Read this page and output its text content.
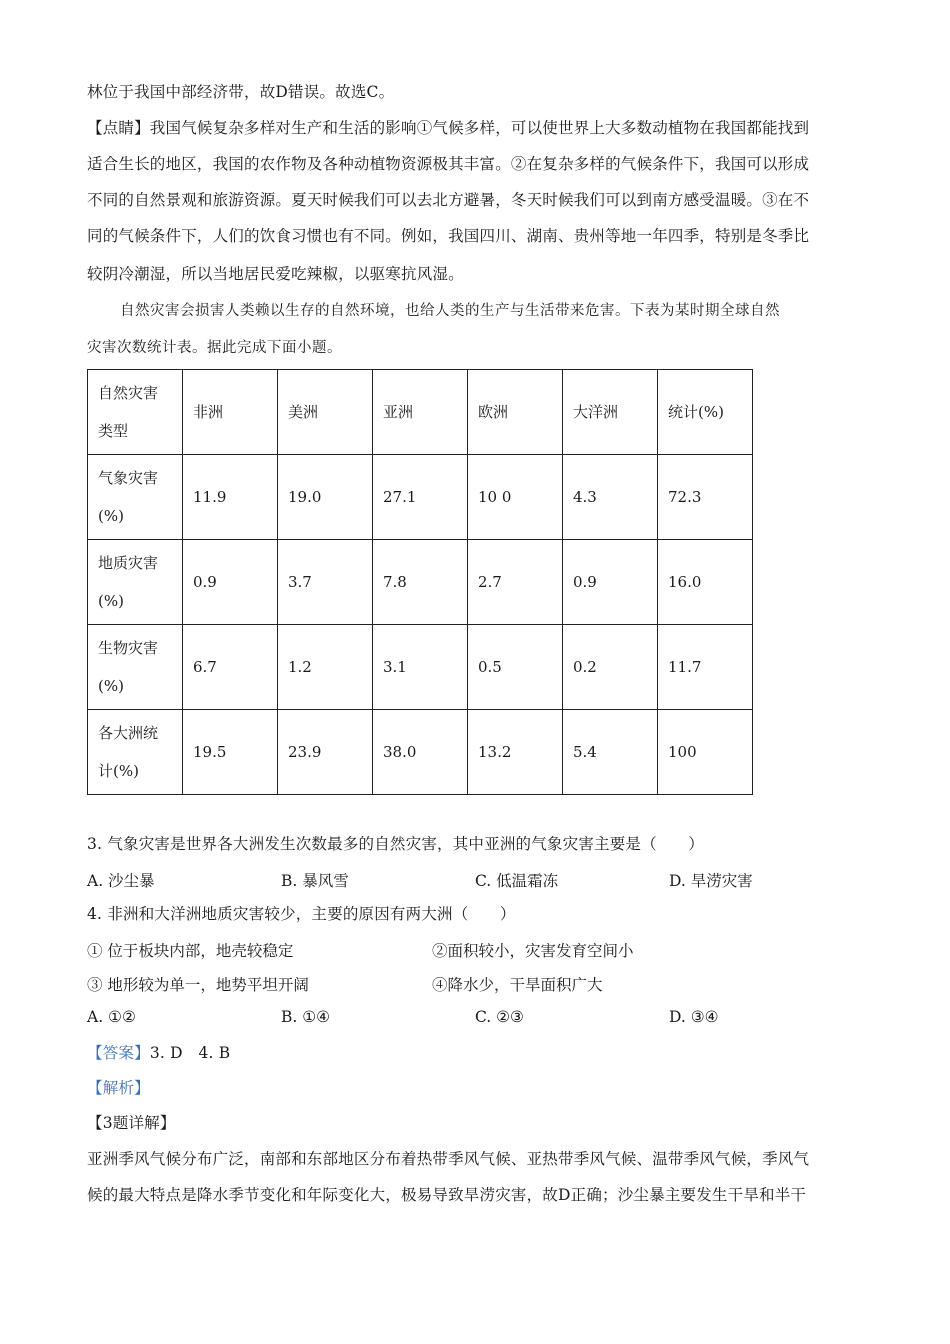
林位于我国中部经济带，故D错误。故选C。
【点睛】我国气候复杂多样对生产和生活的影响①气候多样，可以使世界上大多数动植物在我国都能找到
适合生长的地区，我国的农作物及各种动植物资源极其丰富。②在复杂多样的气候条件下，我国可以形成
不同的自然景观和旅游资源。夏天时候我们可以去北方避暑，冬天时候我们可以到南方感受温暖。③在不
同的气候条件下，人们的饮食习惯也有不同。例如，我国四川、湖南、贵州等地一年四季，特别是冬季比
较阴冷潮湿，所以当地居民爱吃辣椒，以驱寒抗风湿。
自然灾害会损害人类赖以生存的自然环境，也给人类的生产与生活带来危害。下表为某时期全球自然
灾害次数统计表。据此完成下面小题。
自然灾害
类型	非洲	美洲	亚洲	欧洲	大洋洲	统计(%)

气象灾害
(%)	11.9	19.0	27.1	10 0	4.3	72.3

地质灾害
(%)	0.9	3.7	7.8	2.7	0.9	16.0

生物灾害
(%)	6.7	1.2	3.1	0.5	0.2	11.7

各大洲统
计(%)	19.5	23.9	38.0	13.2	5.4	100
3. 气象灾害是世界各大洲发生次数最多的自然灾害，其中亚洲的气象灾害主要是（　　）
A. 沙尘暴	B. 暴风雪	C. 低温霜冻	D. 旱涝灾害
4. 非洲和大洋洲地质灾害较少，主要的原因有两大洲（　　）
① 位于板块内部，地壳较稳定	②面积较小，灾害发育空间小
③ 地形较为单一，地势平坦开阔	④降水少，干旱面积广大
A. ①②	B. ①④	C. ②③	D. ③④
【答案】3. D　4. B
【解析】
【3题详解】
亚洲季风气候分布广泛，南部和东部地区分布着热带季风气候、亚热带季风气候、温带季风气候，季风气
候的最大特点是降水季节变化和年际变化大，极易导致旱涝灾害，故D正确；沙尘暴主要发生干旱和半干
